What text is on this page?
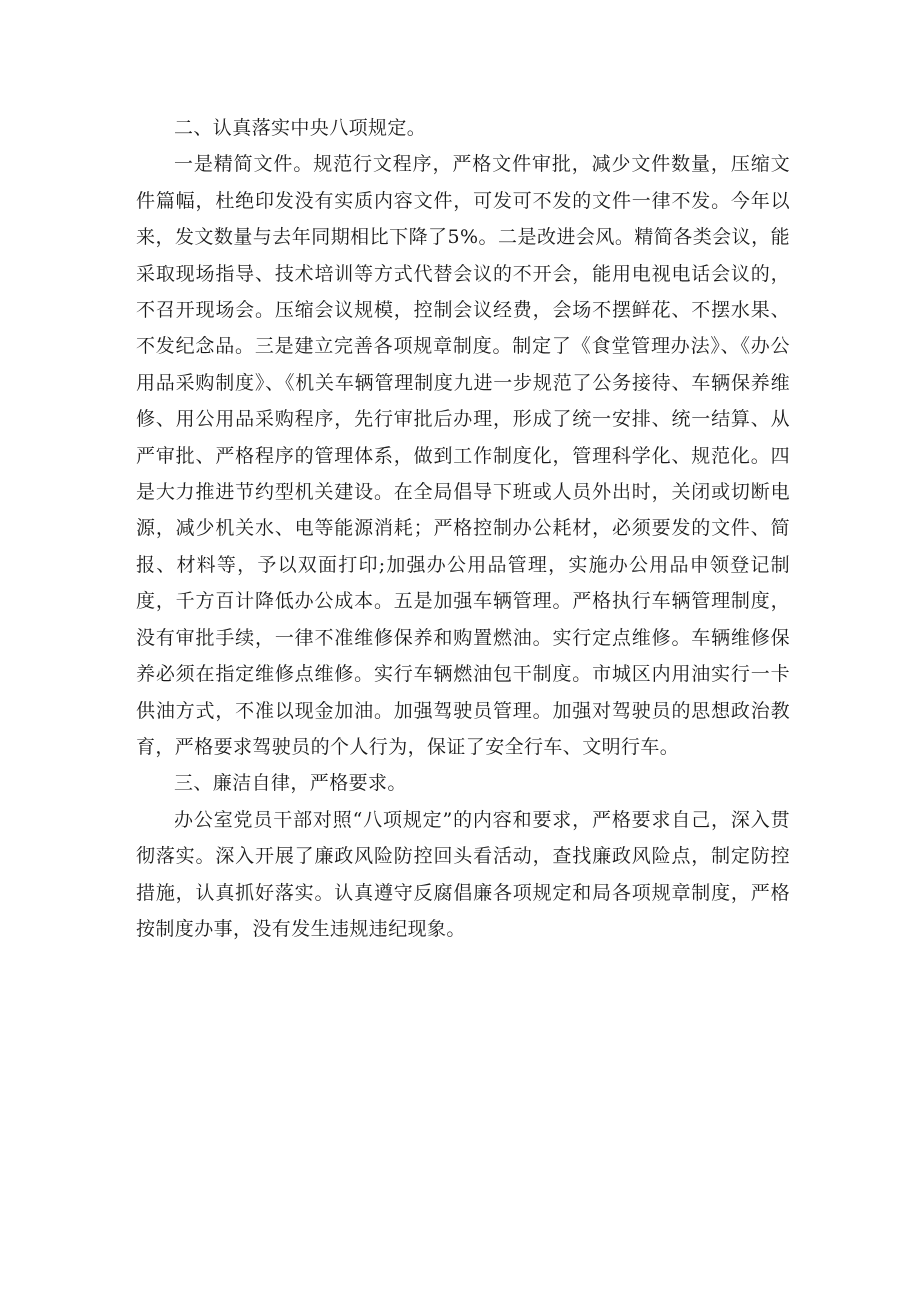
二、认真落实中央八项规定。

一是精简文件。规范行文程序，严格文件审批，减少文件数量，压缩文件篇幅，杜绝印发没有实质内容文件，可发可不发的文件一律不发。今年以来，发文数量与去年同期相比下降了5%。二是改进会风。精简各类会议，能采取现场指导、技术培训等方式代替会议的不开会，能用电视电话会议的，不召开现场会。压缩会议规模，控制会议经费，会场不摆鲜花、不摆水果、不发纪念品。三是建立完善各项规章制度。制定了《食堂管理办法》、《办公用品采购制度》、《机关车辆管理制度九进一步规范了公务接待、车辆保养维修、用公用品采购程序，先行审批后办理，形成了统一安排、统一结算、从严审批、严格程序的管理体系，做到工作制度化，管理科学化、规范化。四是大力推进节约型机关建设。在全局倡导下班或人员外出时，关闭或切断电源，减少机关水、电等能源消耗；严格控制办公耗材，必须要发的文件、简报、材料等，予以双面打印;加强办公用品管理，实施办公用品申领登记制度，千方百计降低办公成本。五是加强车辆管理。严格执行车辆管理制度，没有审批手续，一律不准维修保养和购置燃油。实行定点维修。车辆维修保养必须在指定维修点维修。实行车辆燃油包干制度。市城区内用油实行一卡供油方式，不准以现金加油。加强驾驶员管理。加强对驾驶员的思想政治教育，严格要求驾驶员的个人行为，保证了安全行车、文明行车。

三、廉洁自律，严格要求。

办公室党员干部对照“八项规定”的内容和要求，严格要求自己，深入贯彻落实。深入开展了廉政风险防控回头看活动，查找廉政风险点，制定防控措施，认真抓好落实。认真遵守反腐倡廉各项规定和局各项规章制度，严格按制度办事，没有发生违规违纪现象。
